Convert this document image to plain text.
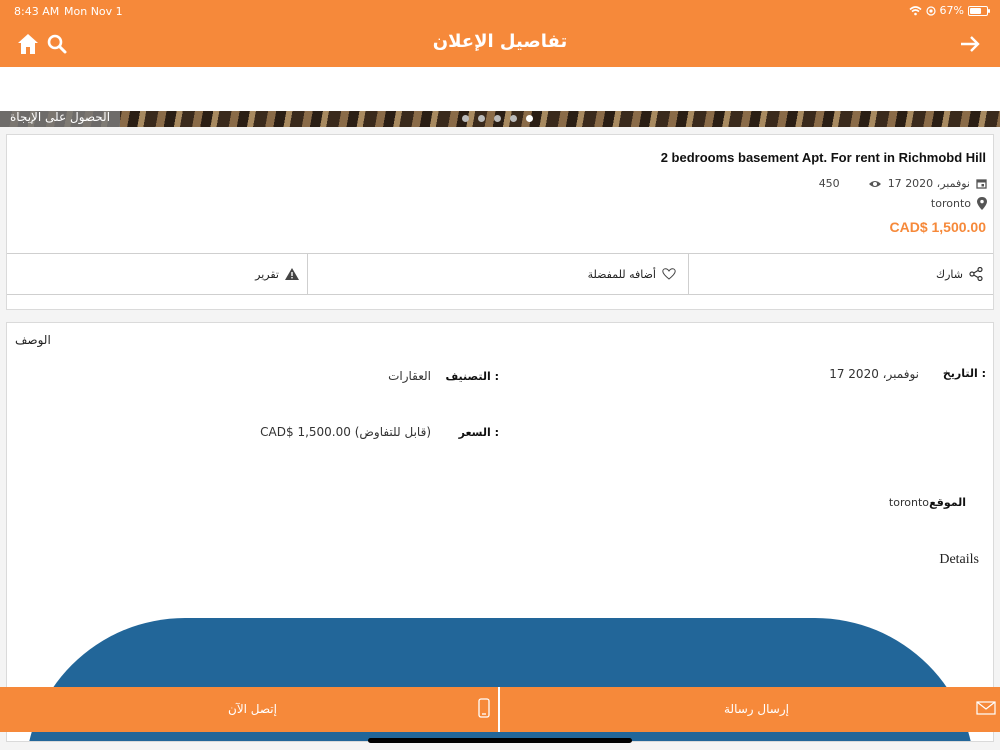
8:43 AM Mon Nov 1	67%
تفاصيل الإعلان
الحصول على الإيجاة
2 bedrooms basement Apt. For rent in Richmobd Hill
450	17 نوفمبر، 2020
toronto
CAD$ 1,500.00
تقرير	أضافه للمفضلة	شارك
الوصف
التاريخ :
17 نوفمبر، 2020
التصنيف :
العقارات
السعر :
CAD$ 1,500.00 (قابل للتفاوض)
الموقع
toronto
Details
إتصل الآن	إرسال رسالة
